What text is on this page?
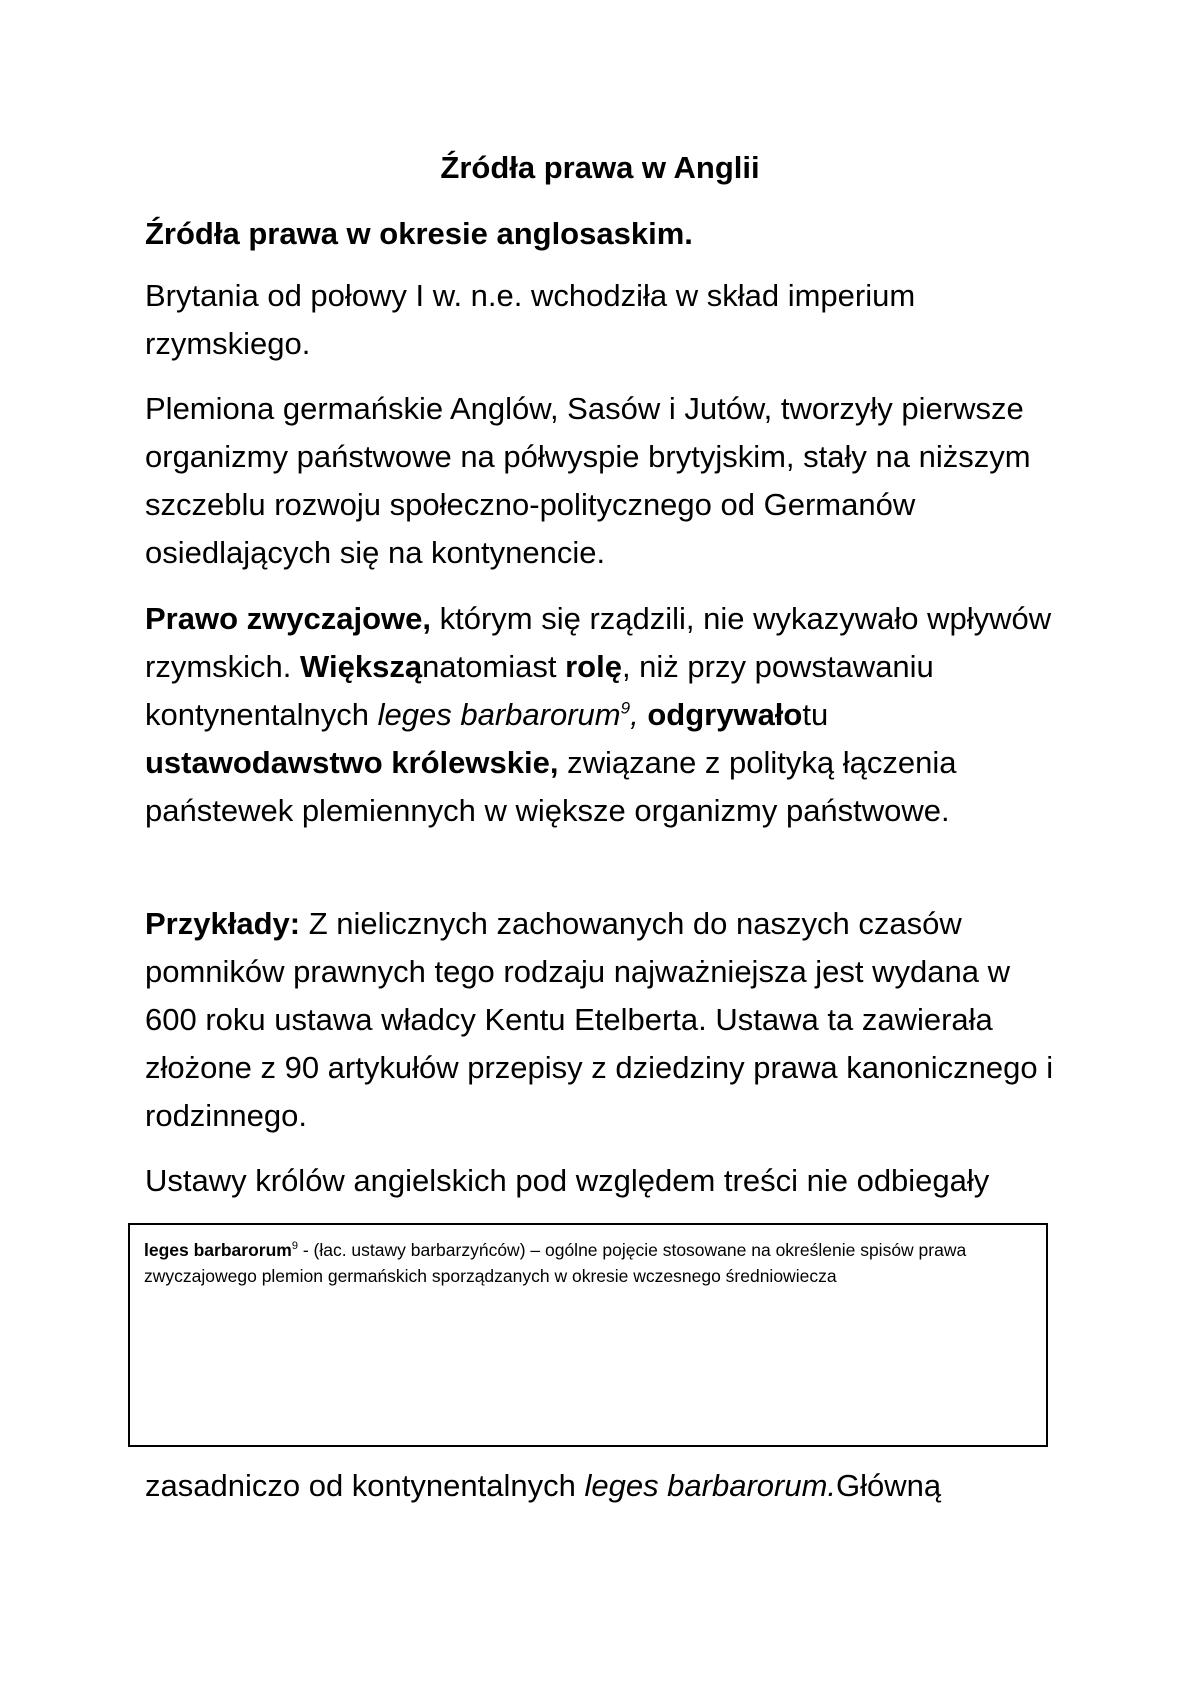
Źródła prawa w Anglii
Źródła prawa w okresie anglosaskim.

Brytania od połowy I w. n.e. wchodziła w skład imperium rzymskiego.

Plemiona germańskie Anglów, Sasów i Jutów, tworzyły pierwsze organizmy państwowe na półwyspie brytyjskim, stały na niższym szczeblu rozwoju społeczno-politycznego od Germanów osiedlających się na kontynencie.

Prawo zwyczajowe, którym się rządzili, nie wykazywało wpływów rzymskich. Większąnatomiast rolę, niż przy powstawaniu kontynentalnych leges barbarorum$^9$, odgrywałotu ustawodawstwo królewskie, związane z polityką łączenia państewek plemiennych w większe organizmy państwowe.

Przykłady: Z nielicznych zachowanych do naszych czasów pomników prawnych tego rodzaju najważniejsza jest wydana w 600 roku ustawa władcy Kentu Etelberta. Ustawa ta zawierała złożone z 90 artykułów przepisy z dziedziny prawa kanonicznego i rodzinnego.

Ustawy królów angielskich pod względem treści nie odbiegały

leges barbarorum$^9$ - (łac. ustawy barbarzyńców) – ogólne pojęcie stosowane na określenie spisów prawa zwyczajowego plemion germańskich sporządzanych w okresie wczesnego średniowiecza

zasadniczo od kontynentalnych leges barbarorum.Główną
